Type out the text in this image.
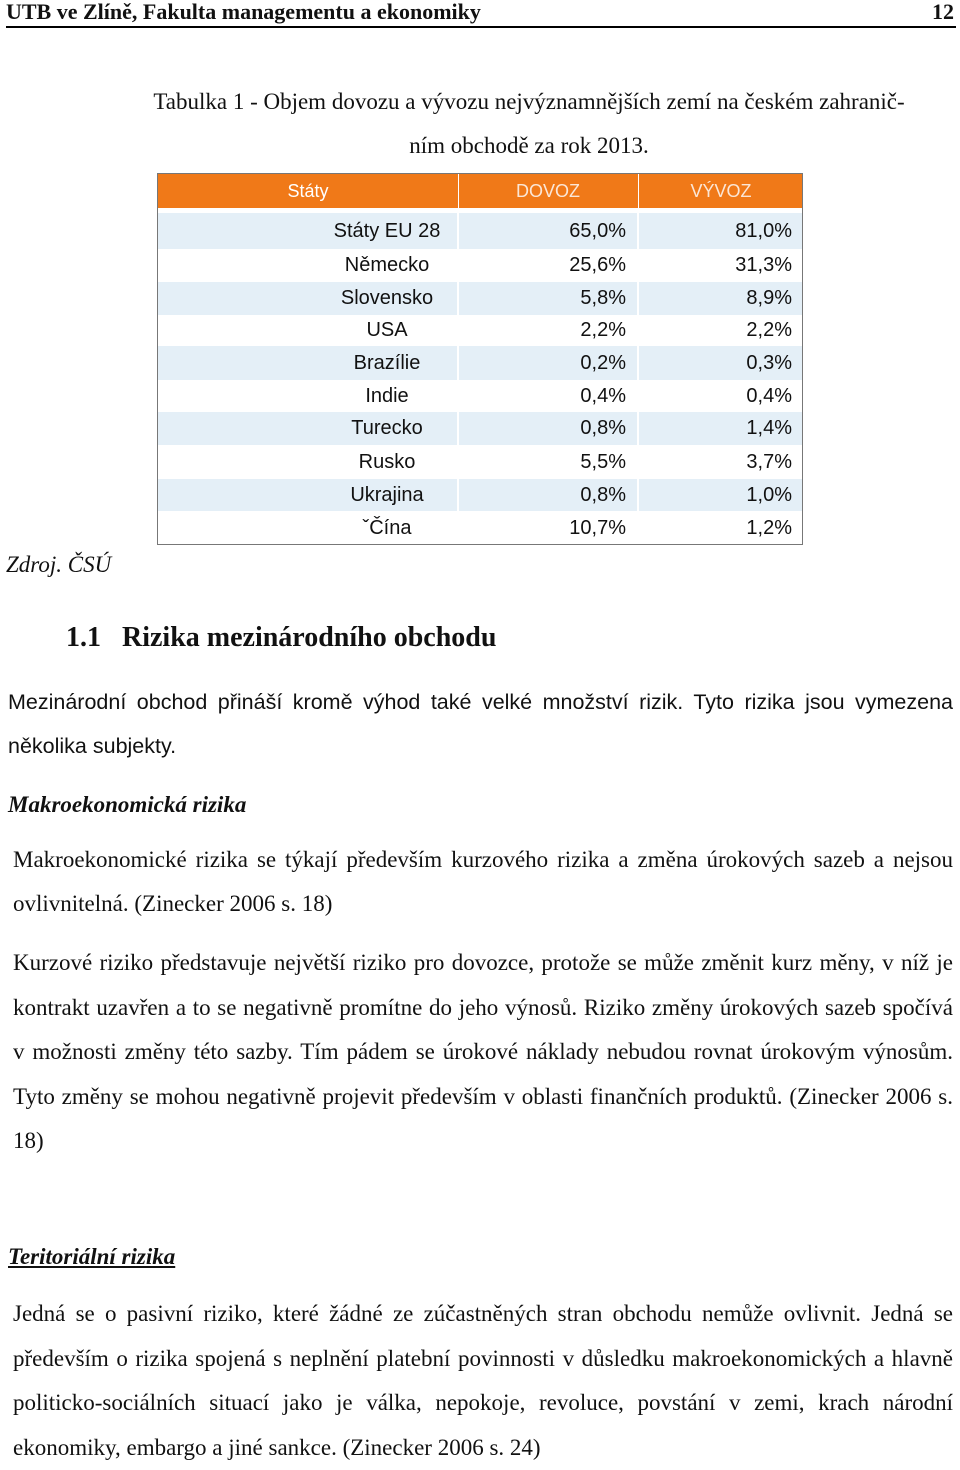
UTB ve Zlíně, Fakulta managementu a ekonomiky	12
Tabulka 1 - Objem dovozu a vývozu nejvýznamnějších zemí na českém zahranič-
ním obchodě za rok 2013.
Státy	DOVOZ	VÝVOZ
Státy EU 28	65,0%	81,0%
Německo	25,6%	31,3%
Slovensko	5,8%	8,9%
USA	2,2%	2,2%
Brazílie	0,2%	0,3%
Indie	0,4%	0,4%
Turecko	0,8%	1,4%
Rusko	5,5%	3,7%
Ukrajina	0,8%	1,0%
ˇČína	10,7%	1,2%
Zdroj. ČSÚ
1.1 Rizika mezinárodního obchodu
Mezinárodní obchod přináší kromě výhod také velké množství rizik. Tyto rizika jsou vymezena několika subjekty.
Makroekonomická rizika
Makroekonomické rizika se týkají především kurzového rizika a změna úrokových sazeb a nejsou ovlivnitelná. (Zinecker 2006 s. 18)
Kurzové riziko představuje největší riziko pro dovozce, protože se může změnit kurz měny, v níž je kontrakt uzavřen a to se negativně promítne do jeho výnosů. Riziko změny úrokových sazeb spočívá v možnosti změny této sazby. Tím pádem se úrokové náklady nebudou rovnat úrokovým výnosům. Tyto změny se mohou negativně projevit především v oblasti finančních produktů. (Zinecker 2006 s. 18)
Teritoriální rizika
Jedná se o pasivní riziko, které žádné ze zúčastněných stran obchodu nemůže ovlivnit. Jedná se především o rizika spojená s neplnění platební povinnosti v důsledku makroekonomických a hlavně politicko-sociálních situací jako je válka, nepokoje, revoluce, povstání v zemi, krach národní ekonomiky, embargo a jiné sankce. (Zinecker 2006 s. 24)
